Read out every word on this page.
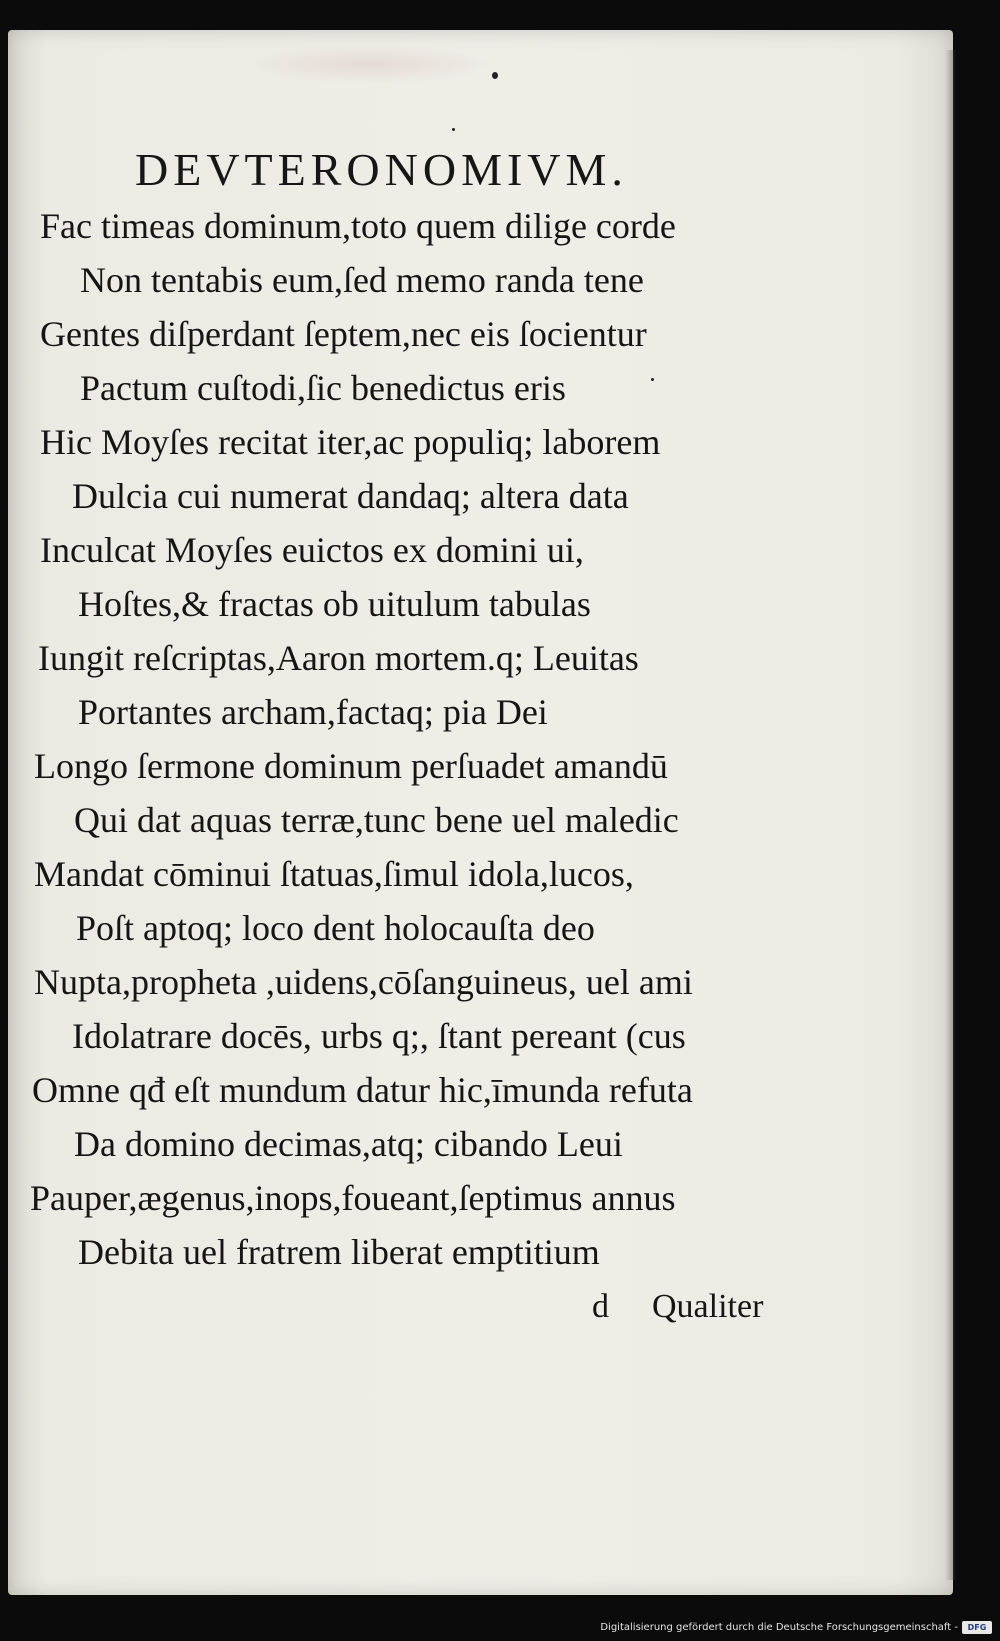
DEVTERONOMIVM.
Fac timeas dominum,toto quem dilige corde
Non tentabis eum,ſed memo randa tene
Gentes diſperdant ſeptem,nec eis ſocientur
Pactum cuſtodi,ſic benedictus eris
Hic Moyſes recitat iter,ac populiq; laborem
Dulcia cui numerat dandaq; altera data
Inculcat Moyſes euictos ex domini ui,
Hoſtes,& fractas ob uitulum tabulas
Iungit reſcriptas,Aaron mortem.q; Leuitas
Portantes archam,factaq; pia Dei
Longo ſermone dominum perſuadet amandū
Qui dat aquas terræ,tunc bene uel maledic
Mandat cōminui ſtatuas,ſimul idola,lucos,
Poſt aptoq; loco dent holocauſta deo
Nupta,propheta ,uidens,cōſanguineus, uel ami
Idolatrare docēs, urbs q;, ſtant pereant (cus
Omne qđ eſt mundum datur hic,īmunda refuta
Da domino decimas,atq; cibando Leui
Pauper,ægenus,inops,foueant,ſeptimus annus
Debita uel fratrem liberat emptitium
d Qualiter
Digitalisierung gefördert durch die Deutsche Forschungsgemeinschaft -	DFG
